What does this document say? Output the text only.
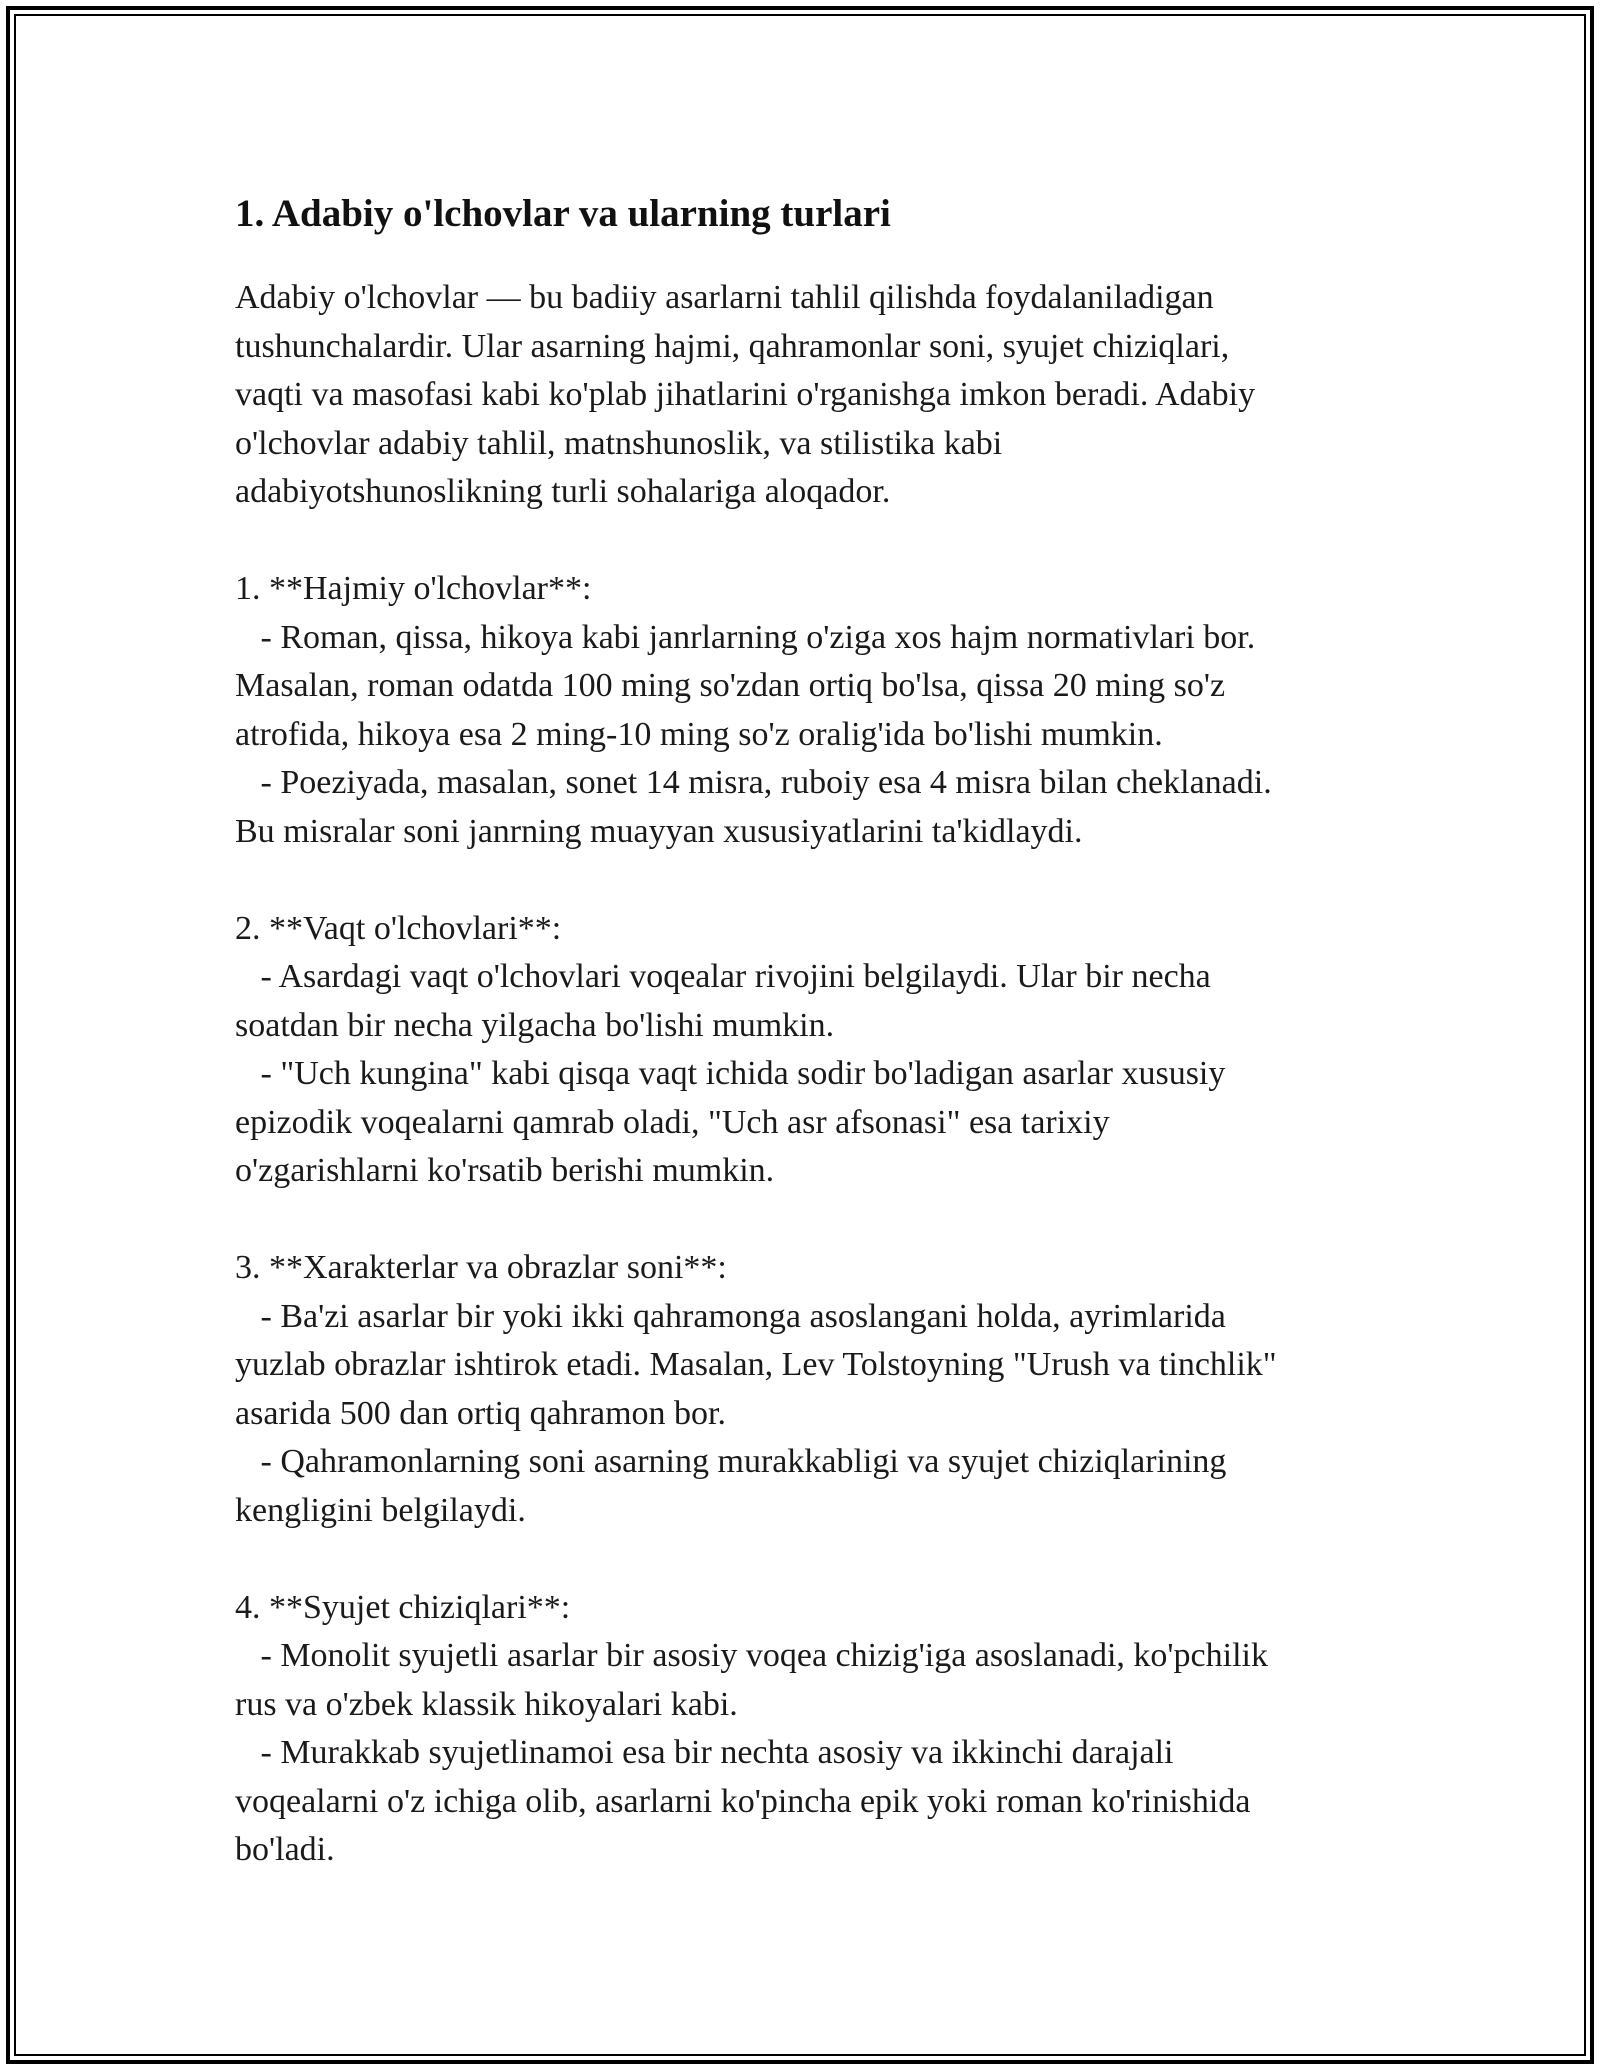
1. Adabiy o'lchovlar va ularning turlari
Adabiy o'lchovlar — bu badiiy asarlarni tahlil qilishda foydalaniladigan
tushunchalardir. Ular asarning hajmi, qahramonlar soni, syujet chiziqlari,
vaqti va masofasi kabi ko'plab jihatlarini o'rganishga imkon beradi. Adabiy
o'lchovlar adabiy tahlil, matnshunoslik, va stilistika kabi
adabiyotshunoslikning turli sohalariga aloqador.
1. **Hajmiy o'lchovlar**:
- Roman, qissa, hikoya kabi janrlarning o'ziga xos hajm normativlari bor.
Masalan, roman odatda 100 ming so'zdan ortiq bo'lsa, qissa 20 ming so'z
atrofida, hikoya esa 2 ming-10 ming so'z oralig'ida bo'lishi mumkin.
- Poeziyada, masalan, sonet 14 misra, ruboiy esa 4 misra bilan cheklanadi.
Bu misralar soni janrning muayyan xususiyatlarini ta'kidlaydi.
2. **Vaqt o'lchovlari**:
- Asardagi vaqt o'lchovlari voqealar rivojini belgilaydi. Ular bir necha
soatdan bir necha yilgacha bo'lishi mumkin.
- "Uch kungina" kabi qisqa vaqt ichida sodir bo'ladigan asarlar xususiy
epizodik voqealarni qamrab oladi, "Uch asr afsonasi" esa tarixiy
o'zgarishlarni ko'rsatib berishi mumkin.
3. **Xarakterlar va obrazlar soni**:
- Ba'zi asarlar bir yoki ikki qahramonga asoslangani holda, ayrimlarida
yuzlab obrazlar ishtirok etadi. Masalan, Lev Tolstoyning "Urush va tinchlik"
asarida 500 dan ortiq qahramon bor.
- Qahramonlarning soni asarning murakkabligi va syujet chiziqlarining
kengligini belgilaydi.
4. **Syujet chiziqlari**:
- Monolit syujetli asarlar bir asosiy voqea chizig'iga asoslanadi, ko'pchilik
rus va o'zbek klassik hikoyalari kabi.
- Murakkab syujetlinamoi esa bir nechta asosiy va ikkinchi darajali
voqealarni o'z ichiga olib, asarlarni ko'pincha epik yoki roman ko'rinishida
bo'ladi.
